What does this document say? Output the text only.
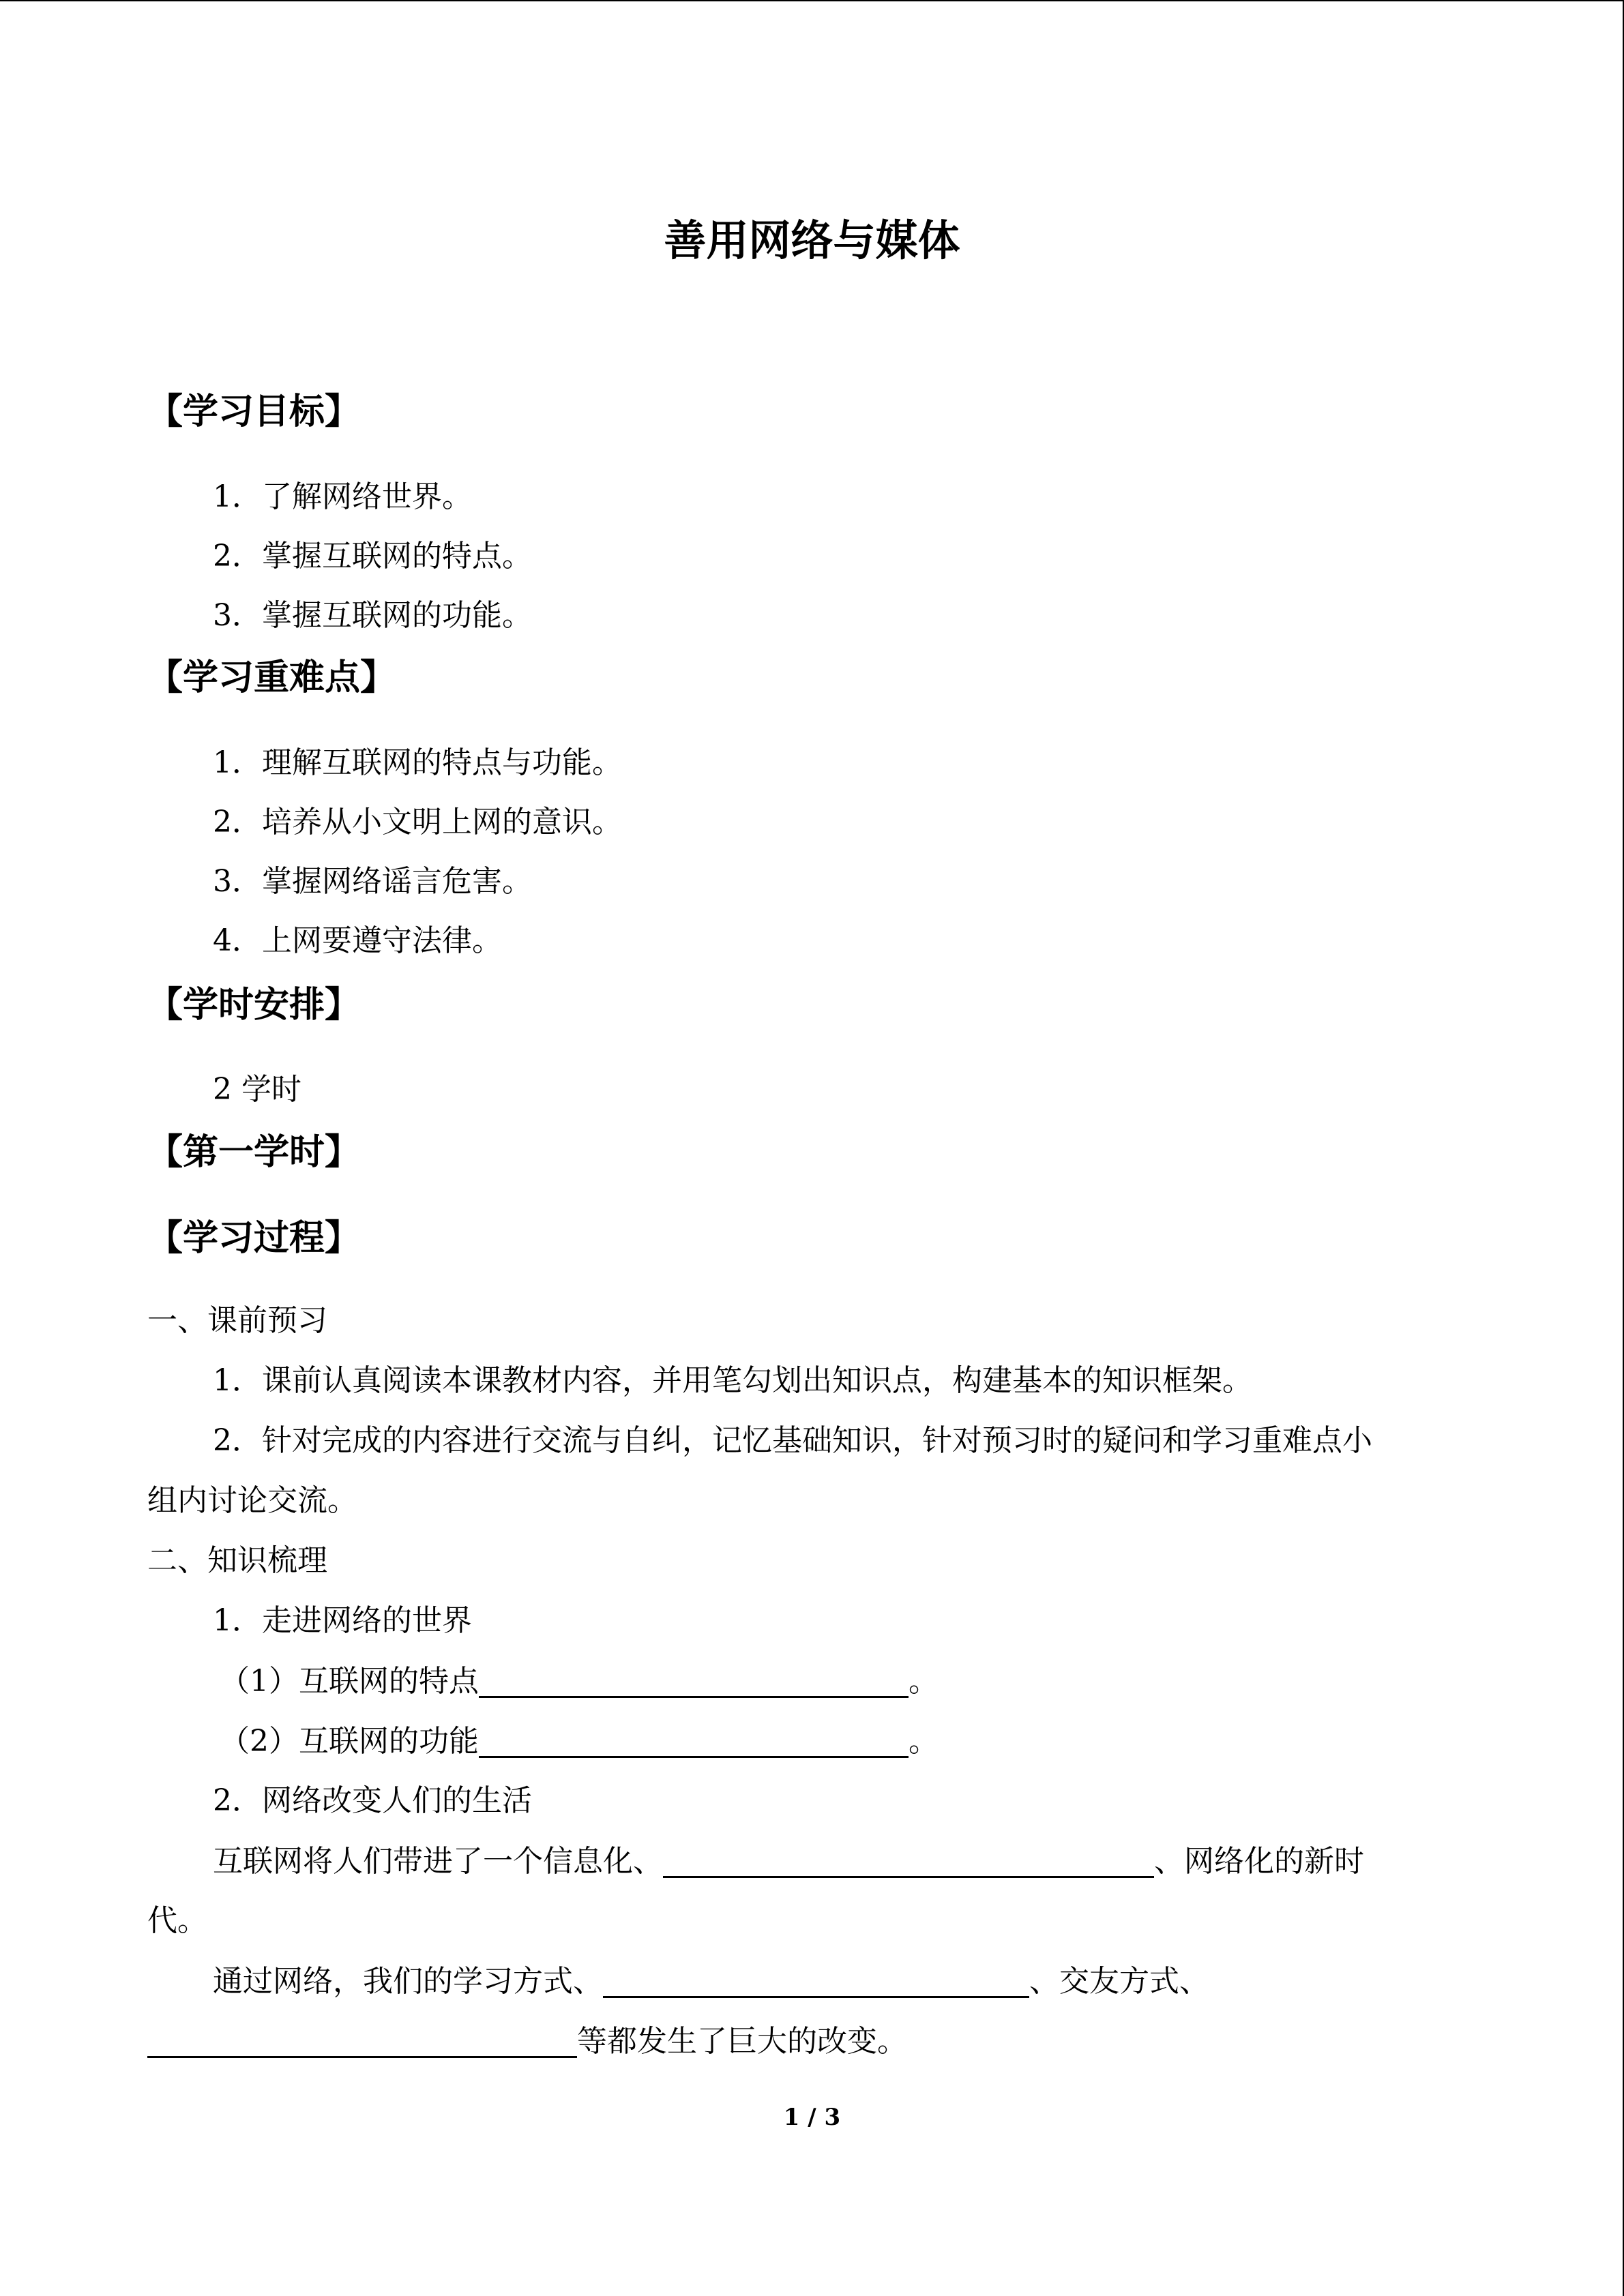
善用网络与媒体
【学习目标】
1．了解网络世界。
2．掌握互联网的特点。
3．掌握互联网的功能。
【学习重难点】
1．理解互联网的特点与功能。
2．培养从小文明上网的意识。
3．掌握网络谣言危害。
4．上网要遵守法律。
【学时安排】
2 学时
【第一学时】
【学习过程】
一、课前预习
1．课前认真阅读本课教材内容，并用笔勾划出知识点，构建基本的知识框架。
2．针对完成的内容进行交流与自纠，记忆基础知识，针对预习时的疑问和学习重难点小
组内讨论交流。
二、知识梳理
1．走进网络的世界
（1）互联网的特点	。
（2）互联网的功能	。
2．网络改变人们的生活
互联网将人们带进了一个信息化、	、网络化的新时
代。
通过网络，我们的学习方式、	、交友方式、
等都发生了巨大的改变。
1 / 3
